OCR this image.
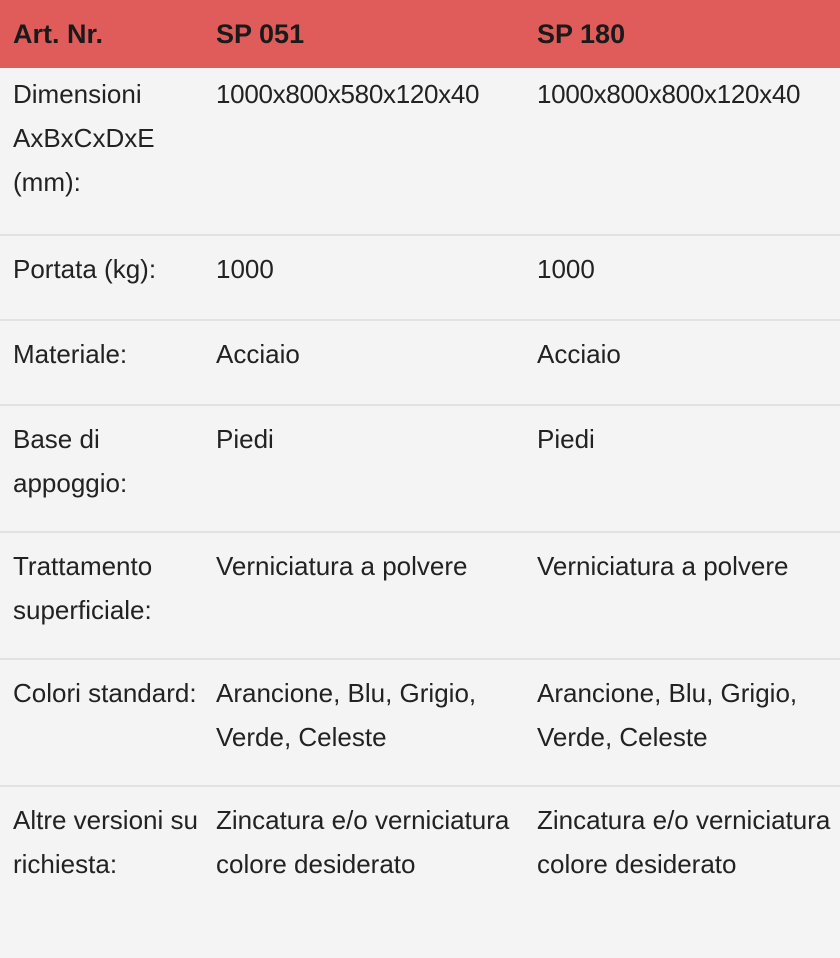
Art. Nr.	SP 051	SP 180
Dimensioni AxBxCxDxE (mm):	1000x800x580x120x40	1000x800x800x120x40
Portata (kg):	1000	1000
Materiale:	Acciaio	Acciaio
Base di appoggio:	Piedi	Piedi
Trattamento superficiale:	Verniciatura a polvere	Verniciatura a polvere
Colori standard:	Arancione, Blu, Grigio, Verde, Celeste	Arancione, Blu, Grigio, Verde, Celeste
Altre versioni su richiesta:	Zincatura e/o verniciatura colore desiderato	Zincatura e/o verniciatura colore desiderato
